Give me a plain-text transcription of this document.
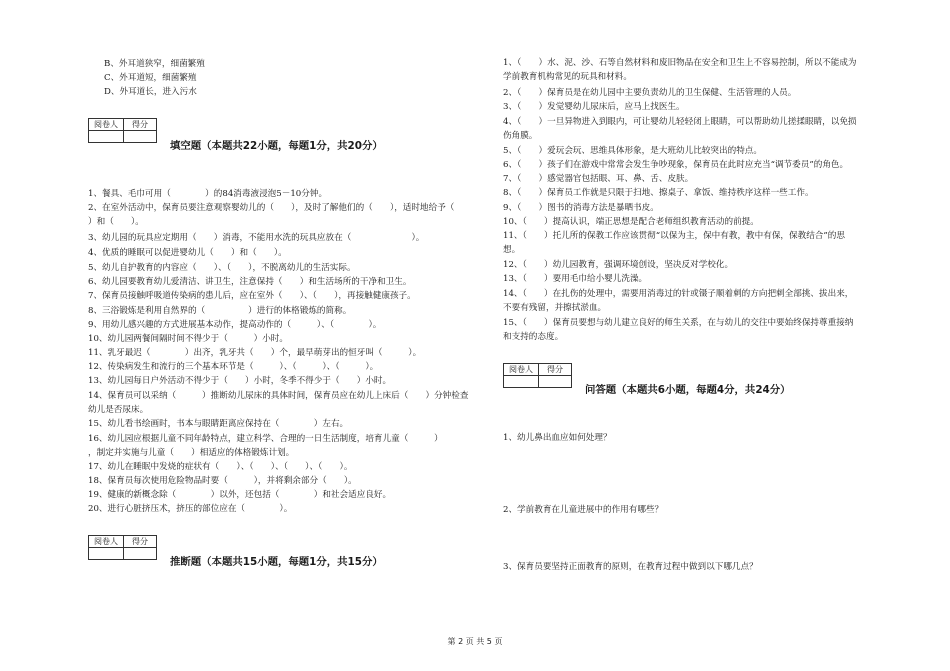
B、外耳道狭窄，细菌繁殖
C、外耳道短，细菌繁殖
D、外耳道长，进入污水
阅卷人	得分

填空题（本题共22小题，每题1分，共20分）
1、餐具、毛巾可用（　　　　）的84消毒液浸泡5－10分钟。
2、在室外活动中，保育员要注意观察婴幼儿的（　　），及时了解他们的（　　），适时地给予（
）和（　　）。
3、幼儿园的玩具应定期用（　　）消毒，不能用水洗的玩具应放在（　　　　　　　）。
4、优质的睡眠可以促进婴幼儿（　　）和（　　）。
5、幼儿自护教育的内容应（　　）、（　　），不脱离幼儿的生活实际。
6、幼儿园要教育幼儿爱清洁、讲卫生，注意保持（　　）和生活场所的干净和卫生。
7、保育员接触呼吸道传染病的患儿后，应在室外（　　）、（　　），再接触健康孩子。
8、三浴锻炼是利用自然界的（　　　　　）进行的体格锻炼的简称。
9、用幼儿感兴趣的方式进展基本动作，提高动作的（　　　）、（　　　　）。
10、幼儿园两餐间隔时间不得少于（　　　）小时。
11、乳牙最迟（　　　　）出齐，乳牙共（　　）个，最早萌芽出的恒牙叫（　　　）。
12、传染病发生和流行的三个基本环节是（　　　）、（　　　）、（　　　）。
13、幼儿园每日户外活动不得少于（　　）小时，冬季不得少于（　　）小时。
14、保育员可以采纳（　　　）推断幼儿尿床的具体时间，保育员应在幼儿上床后（　　）分钟检查
幼儿是否尿床。
15、幼儿看书绘画时，书本与眼睛距离应保持在（　　　　）左右。
16、幼儿园应根据儿童不同年龄特点，建立科学、合理的一日生活制度，培育儿童（　　　）
，制定并实施与儿童（　　）相适应的体格锻炼计划。
17、幼儿在睡眠中发烧的症状有（　　）、（　　）、（　　）、（　　）。
18、保育员每次使用危险物品时要（　　　），并将剩余部分（　　）。
19、健康的新概念除（　　　　）以外，还包括（　　　　）和社会适应良好。
20、进行心脏挤压术，挤压的部位应在（　　　　）。
阅卷人	得分

推断题（本题共15小题，每题1分，共15分）
1、（　　）水、泥、沙、石等自然材料和废旧物品在安全和卫生上不容易控制，所以不能成为
学前教育机构常见的玩具和材料。
2、（　　）保育员是在幼儿园中主要负责幼儿的卫生保健、生活管理的人员。
3、（　　）发觉婴幼儿尿床后，应马上找医生。
4、（　　）一旦异物进入到眼内，可让婴幼儿轻轻闭上眼睛，可以帮助幼儿搓揉眼睛，以免损
伤角膜。
5、（　　）爱玩会玩、思维具体形象，是大班幼儿比较突出的特点。
6、（　　）孩子们在游戏中常常会发生争吵现象，保育员在此时应充当“调节委员”的角色。
7、（　　）感觉器官包括眼、耳、鼻、舌、皮肤。
8、（　　）保育员工作就是只限于扫地、擦桌子、拿饭、维持秩序这样一些工作。
9、（　　）图书的消毒方法是暴晒书皮。
10、（　　）提高认识，端正思想是配合老师组织教育活动的前提。
11、（　　）托儿所的保教工作应该贯彻“以保为主，保中有教，教中有保，保教结合”的思
想。
12、（　　）幼儿园教育，强调环境创设，坚决反对学校化。
13、（　　）要用毛巾给小婴儿洗澡。
14、（　　）在扎伤的处理中，需要用消毒过的针或镊子顺着刺的方向把刺全部挑、拔出来，
不要有残留，并擦拭淤血。
15、（　　）保育员要想与幼儿建立良好的师生关系，在与幼儿的交往中要始终保持尊重接纳
和支持的态度。
阅卷人	得分

问答题（本题共6小题，每题4分，共24分）
1、幼儿鼻出血应如何处理？
2、学前教育在儿童进展中的作用有哪些？
3、保育员要坚持正面教育的原则，在教育过程中做到以下哪几点？
第 2 页 共 5 页
